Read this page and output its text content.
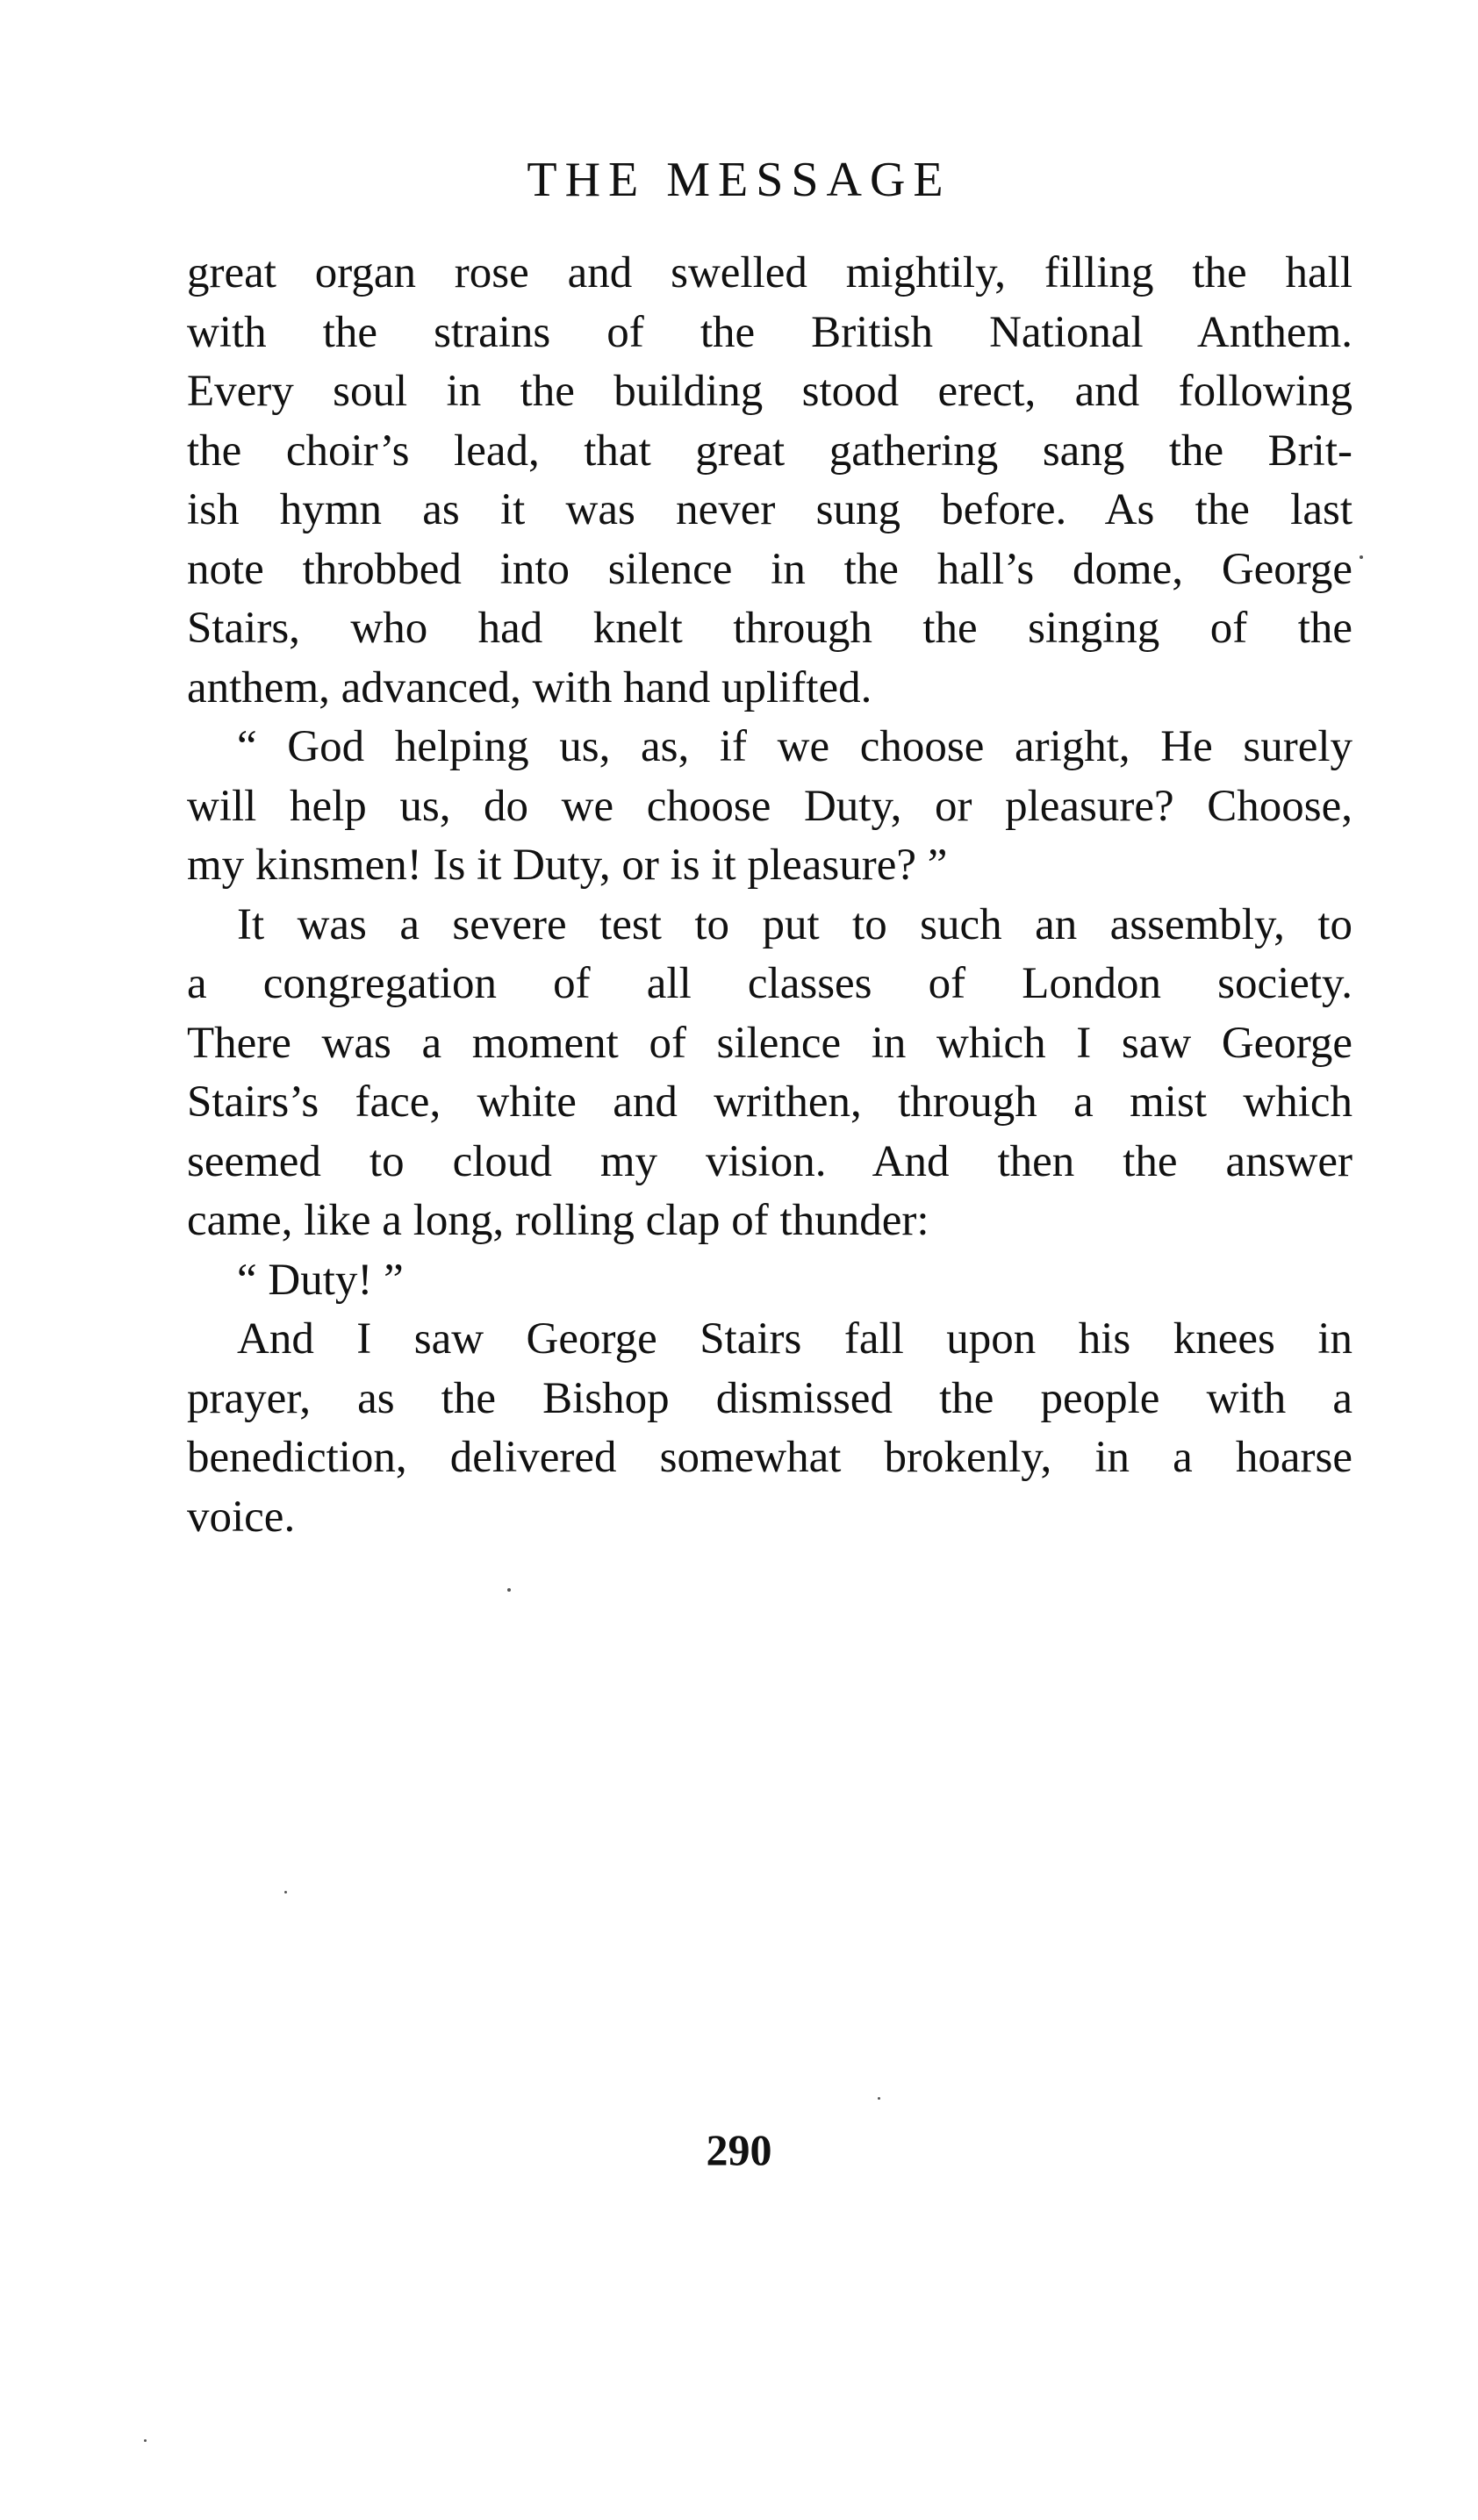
THE MESSAGE

great organ rose and swelled mightily, filling the hall
with the strains of the British National Anthem.
Every soul in the building stood erect, and following
the choir’s lead, that great gathering sang the Brit-
ish hymn as it was never sung before. As the last
note throbbed into silence in the hall’s dome, George
Stairs, who had knelt through the singing of the
anthem, advanced, with hand uplifted.

“ God helping us, as, if we choose aright, He surely
will help us, do we choose Duty, or pleasure? Choose,
my kinsmen! Is it Duty, or is it pleasure? ”

It was a severe test to put to such an assembly, to
a congregation of all classes of London society.
There was a moment of silence in which I saw George
Stairs’s face, white and writhen, through a mist which
seemed to cloud my vision. And then the answer
came, like a long, rolling clap of thunder:

“ Duty! ”

And I saw George Stairs fall upon his knees in
prayer, as the Bishop dismissed the people with a
benediction, delivered somewhat brokenly, in a hoarse
voice.

290
